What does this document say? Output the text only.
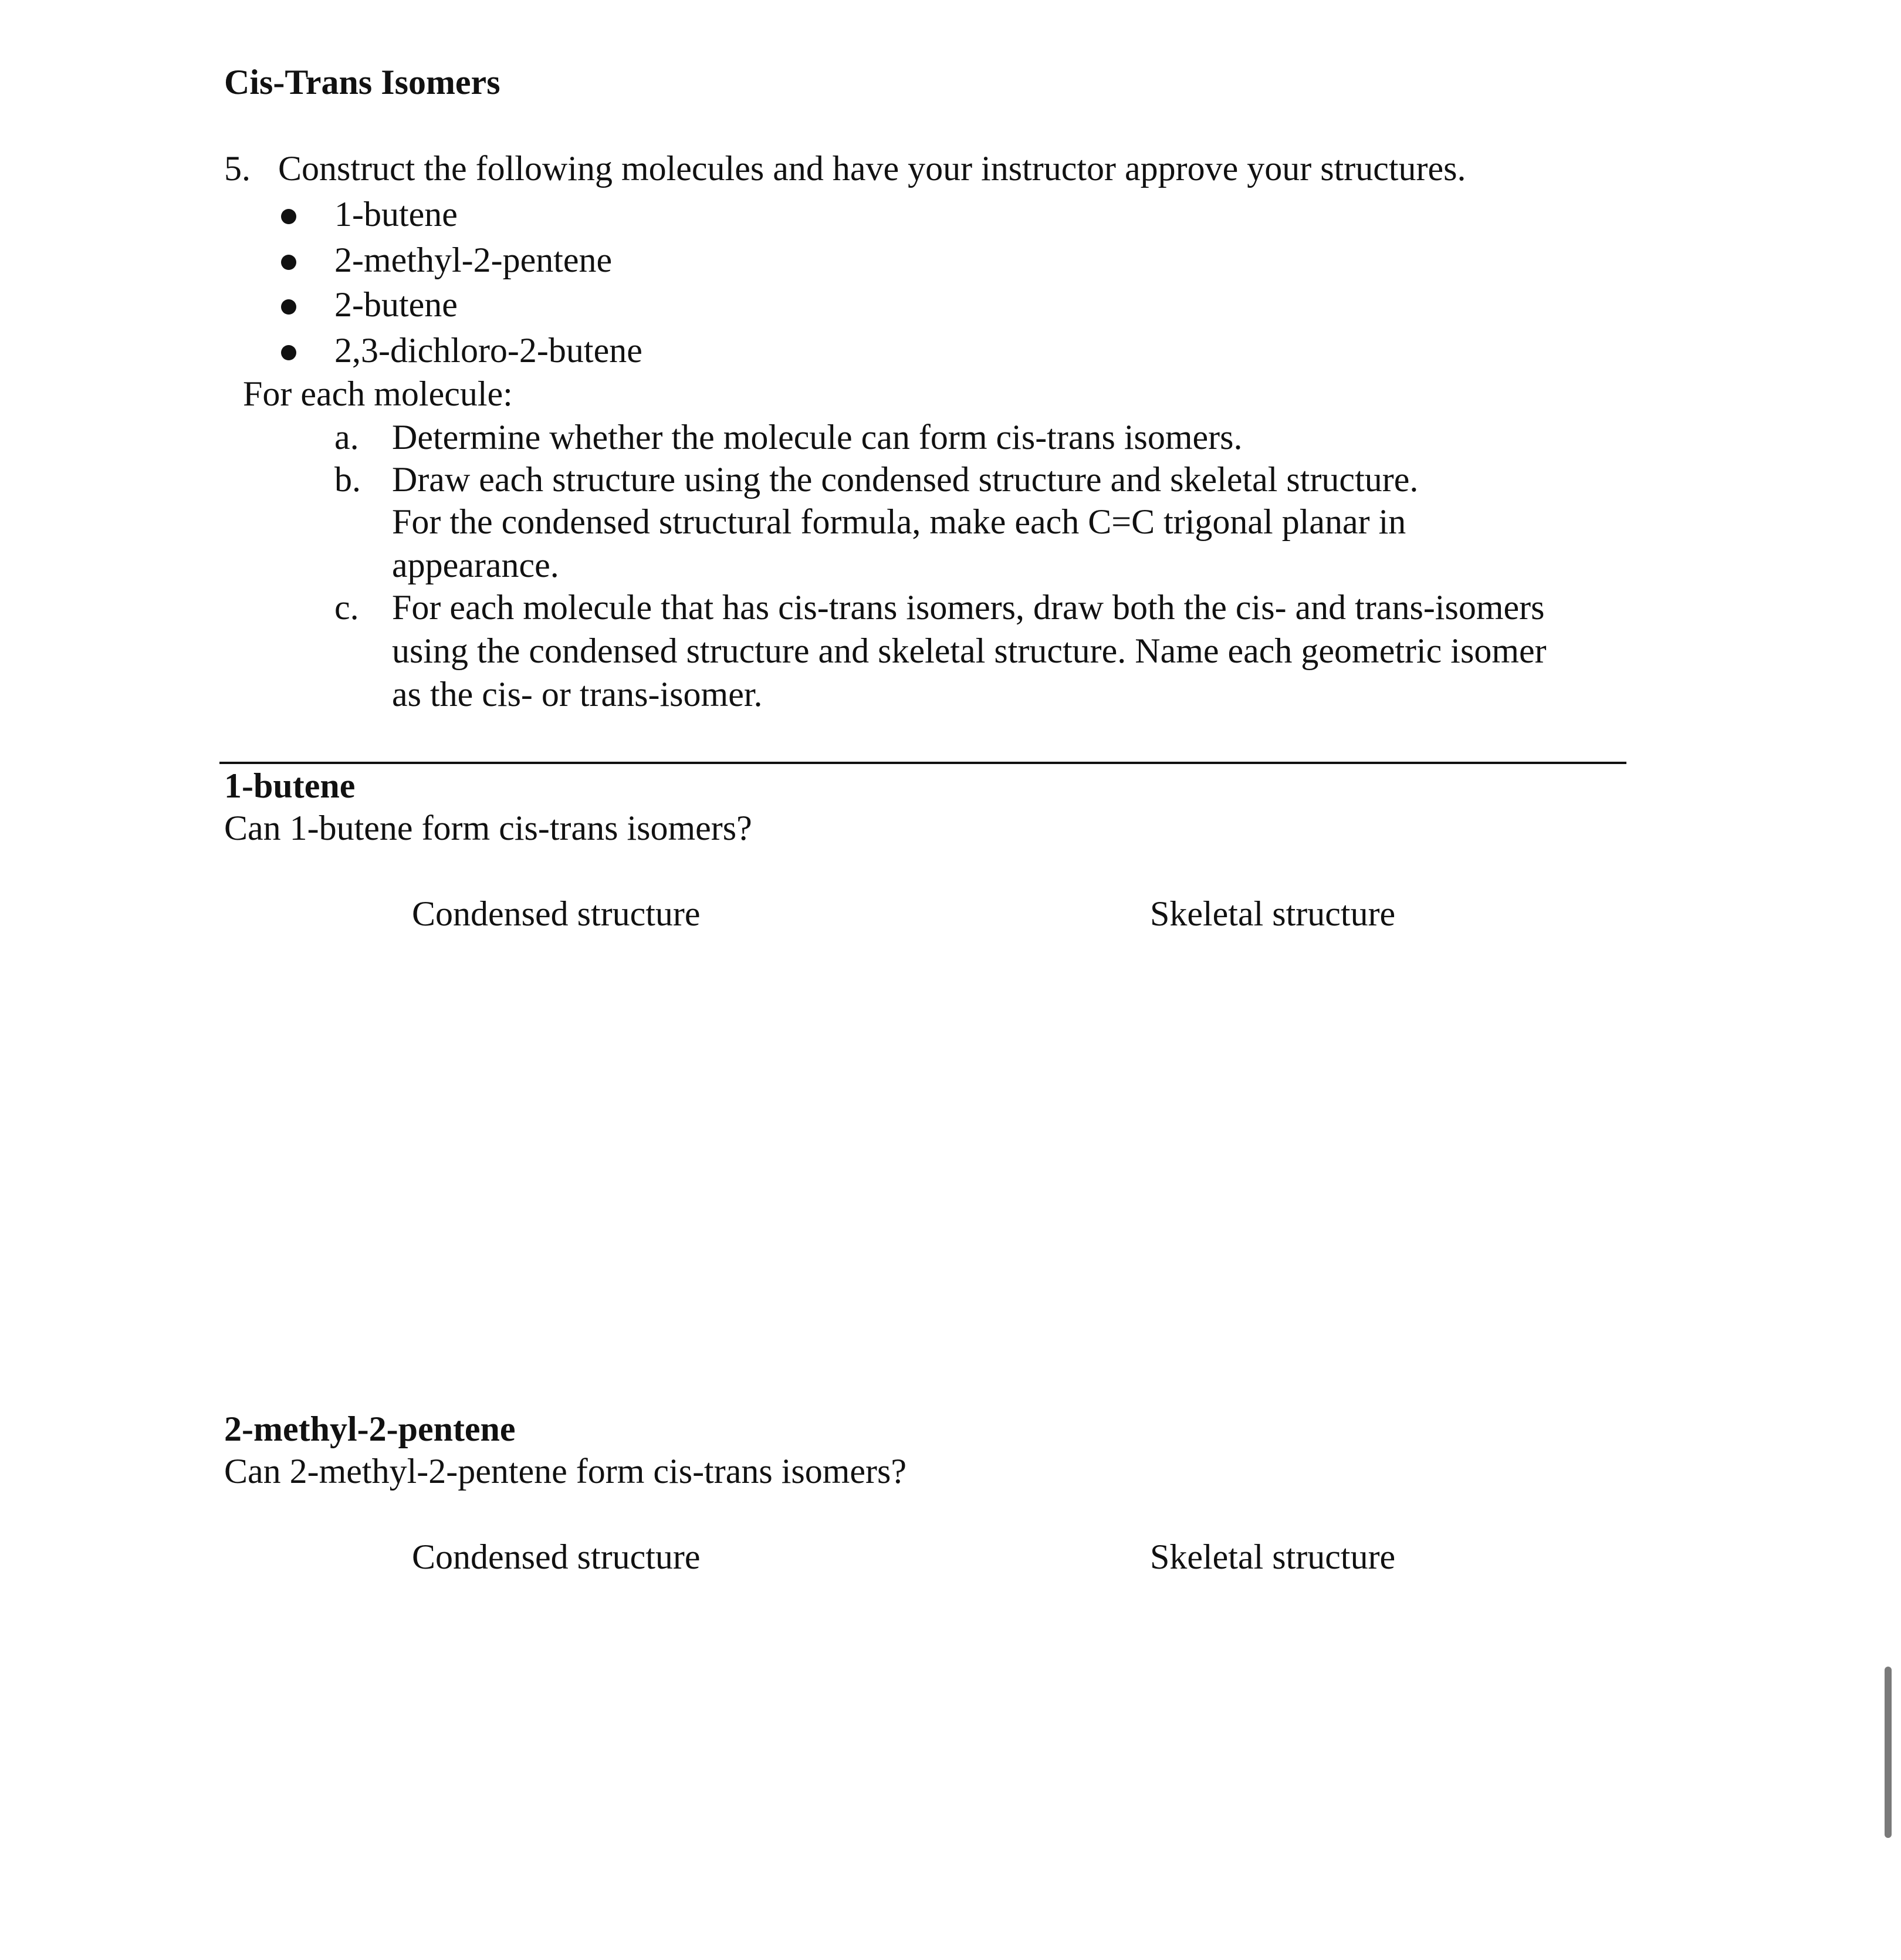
Cis-Trans Isomers
5. Construct the following molecules and have your instructor approve your structures.
1-butene
2-methyl-2-pentene
2-butene
2,3-dichloro-2-butene
For each molecule:
a. Determine whether the molecule can form cis-trans isomers.
b. Draw each structure using the condensed structure and skeletal structure.
For the condensed structural formula, make each C=C trigonal planar in
appearance.
c. For each molecule that has cis-trans isomers, draw both the cis- and trans-isomers
using the condensed structure and skeletal structure. Name each geometric isomer
as the cis- or trans-isomer.
1-butene
Can 1-butene form cis-trans isomers?
Condensed structure	Skeletal structure
2-methyl-2-pentene
Can 2-methyl-2-pentene form cis-trans isomers?
Condensed structure	Skeletal structure
